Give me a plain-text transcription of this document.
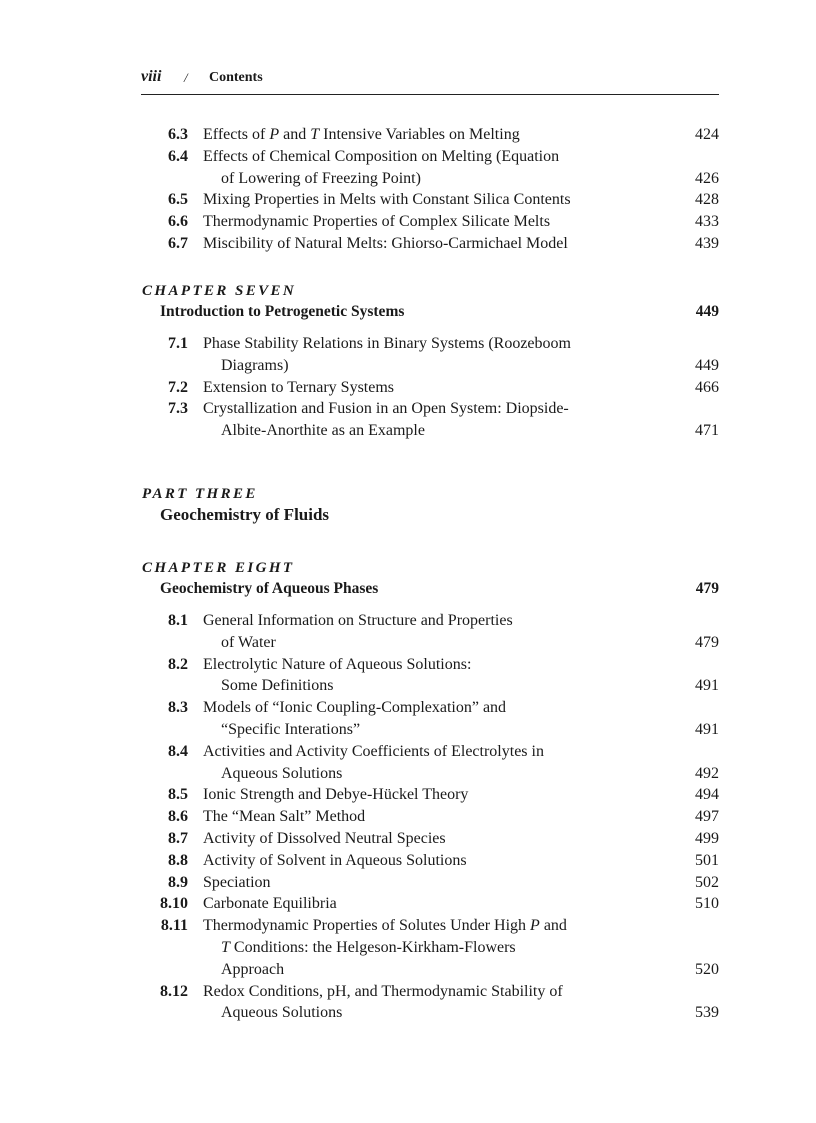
viii / Contents
6.3 Effects of P and T Intensive Variables on Melting	424
6.4 Effects of Chemical Composition on Melting (Equation
of Lowering of Freezing Point)	426
6.5 Mixing Properties in Melts with Constant Silica Contents	428
6.6 Thermodynamic Properties of Complex Silicate Melts	433
6.7 Miscibility of Natural Melts: Ghiorso-Carmichael Model	439
CHAPTER SEVEN
Introduction to Petrogenetic Systems	449
7.1 Phase Stability Relations in Binary Systems (Roozeboom
Diagrams)	449
7.2 Extension to Ternary Systems	466
7.3 Crystallization and Fusion in an Open System: Diopside-
Albite-Anorthite as an Example	471
PART THREE
Geochemistry of Fluids
CHAPTER EIGHT
Geochemistry of Aqueous Phases	479
8.1 General Information on Structure and Properties
of Water	479
8.2 Electrolytic Nature of Aqueous Solutions:
Some Definitions	491
8.3 Models of “Ionic Coupling-Complexation” and
“Specific Interations”	491
8.4 Activities and Activity Coefficients of Electrolytes in
Aqueous Solutions	492
8.5 Ionic Strength and Debye-Hückel Theory	494
8.6 The “Mean Salt” Method	497
8.7 Activity of Dissolved Neutral Species	499
8.8 Activity of Solvent in Aqueous Solutions	501
8.9 Speciation	502
8.10 Carbonate Equilibria	510
8.11 Thermodynamic Properties of Solutes Under High P and
T Conditions: the Helgeson-Kirkham-Flowers
Approach	520
8.12 Redox Conditions, pH, and Thermodynamic Stability of
Aqueous Solutions	539
